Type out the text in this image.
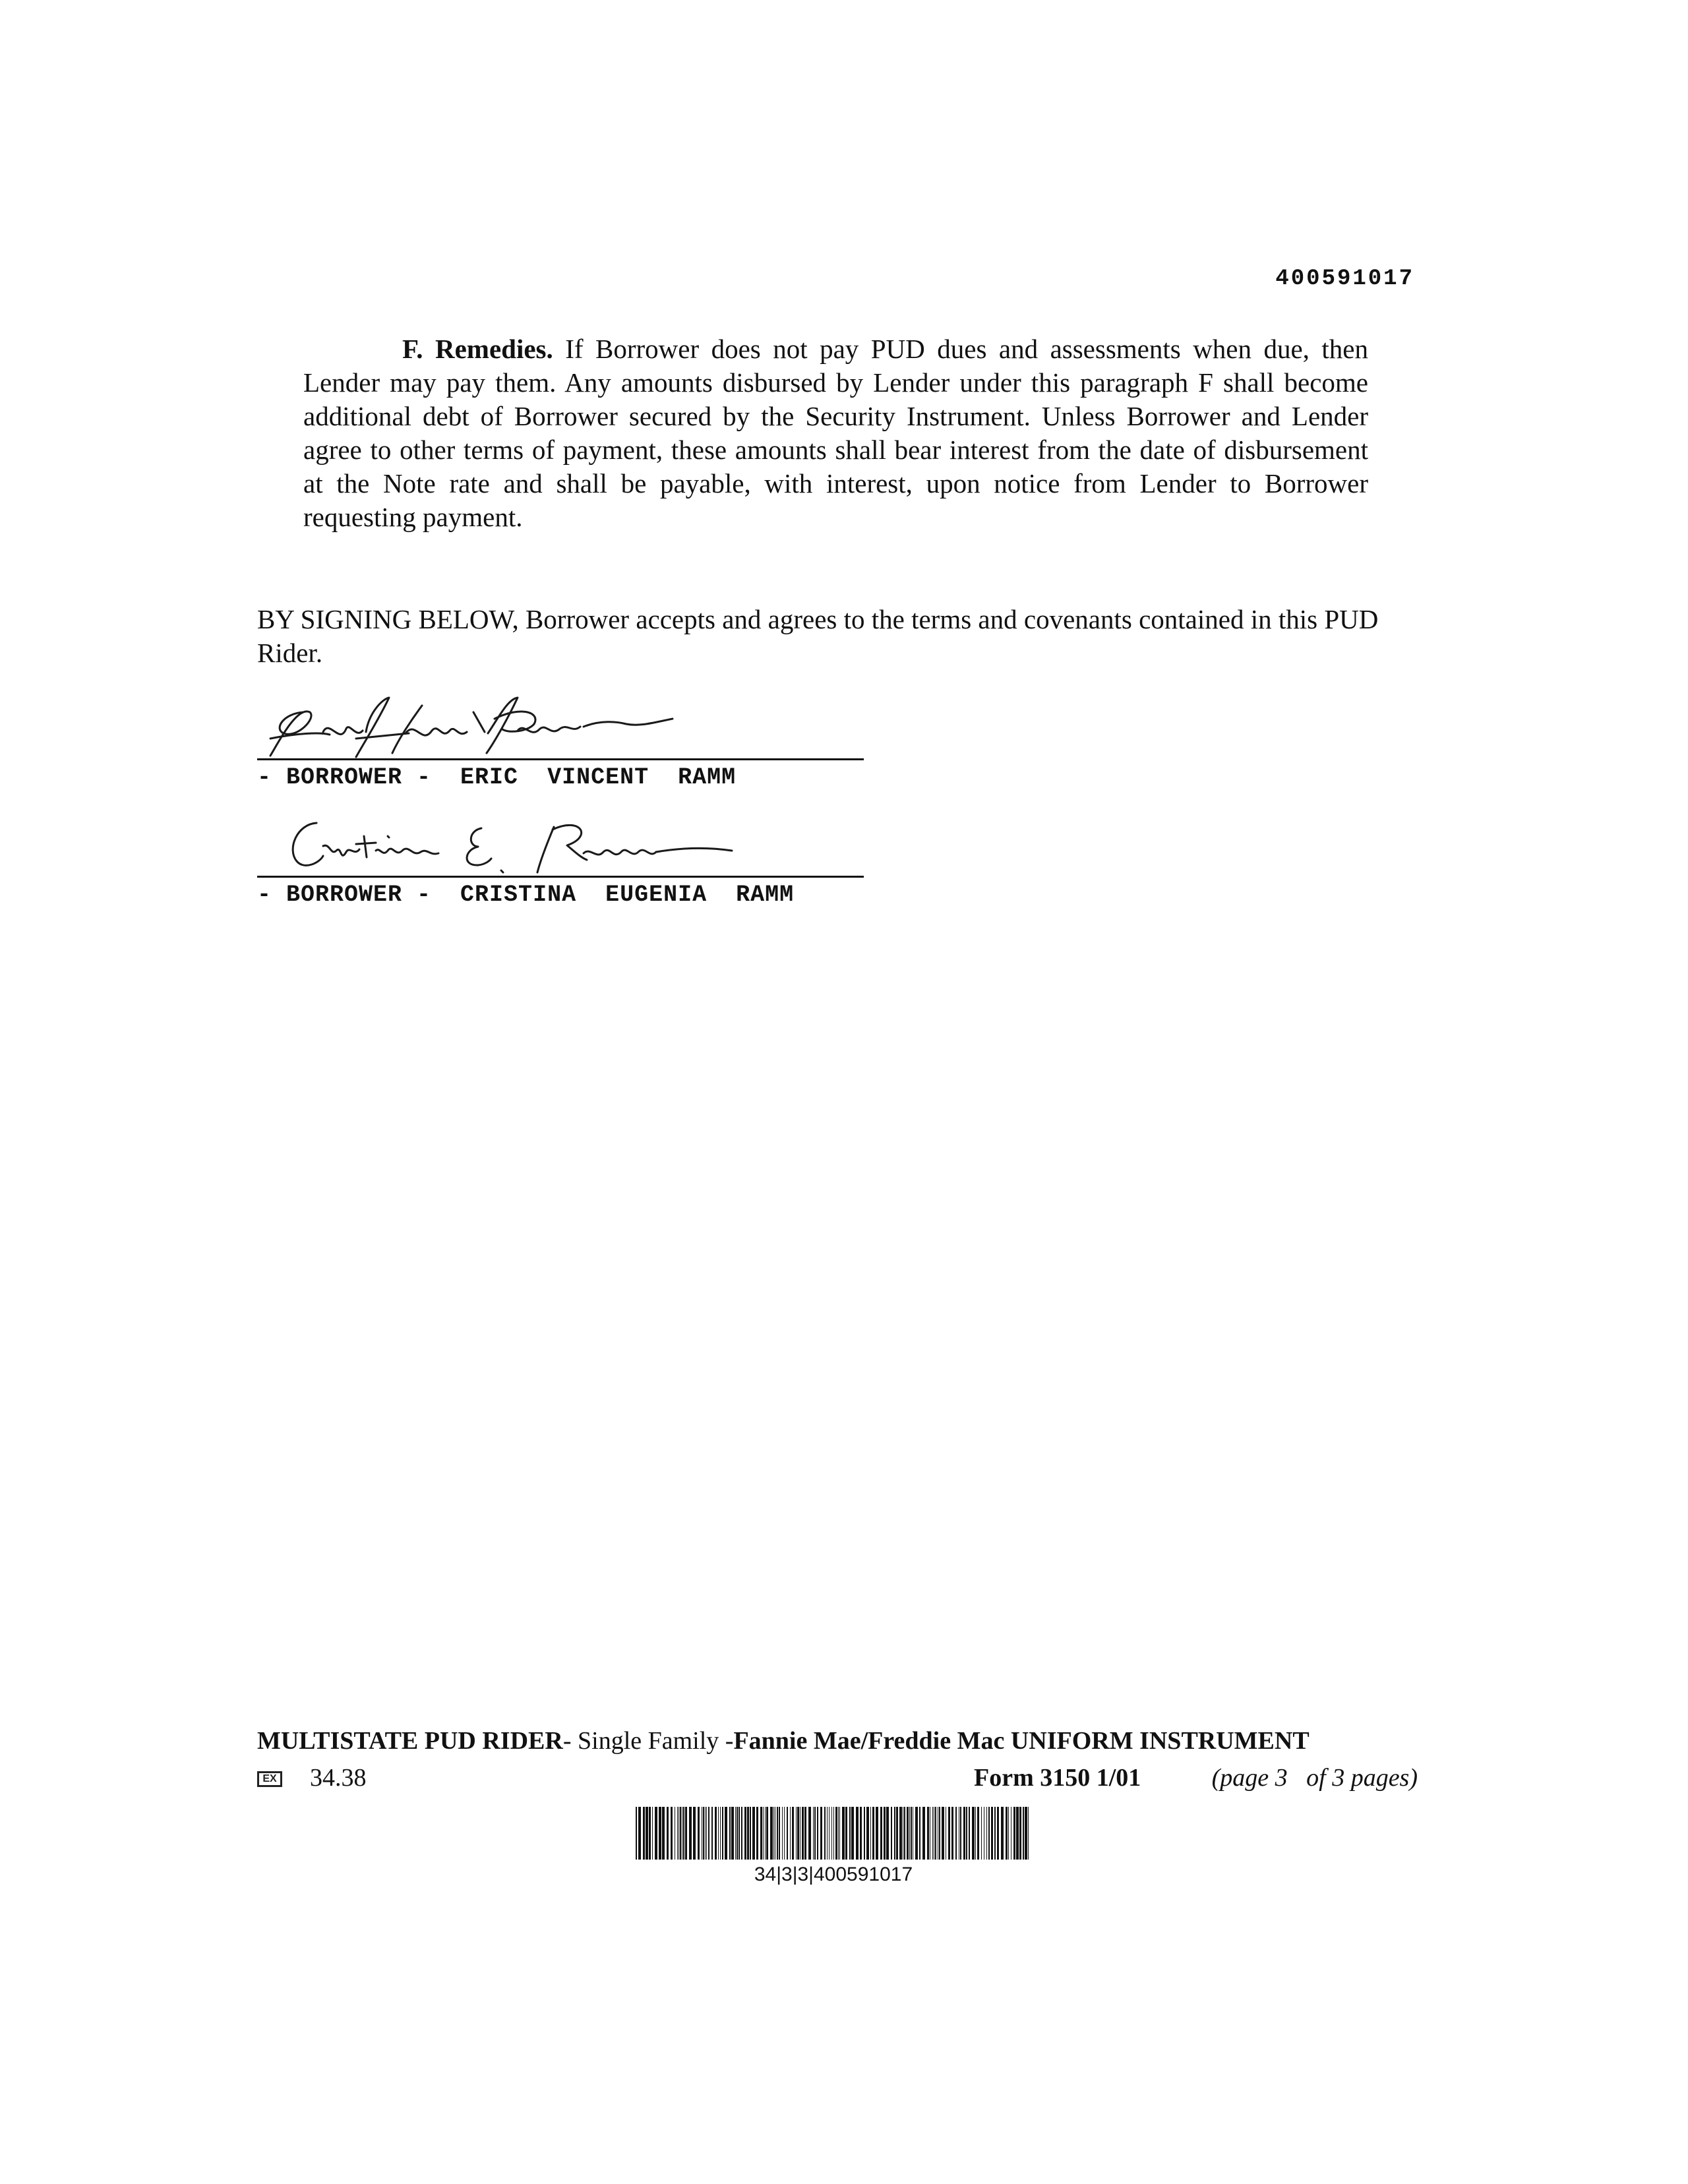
400591017
F. Remedies. If Borrower does not pay PUD dues and assessments when due, then Lender may pay them. Any amounts disbursed by Lender under this paragraph F shall become additional debt of Borrower secured by the Security Instrument. Unless Borrower and Lender agree to other terms of payment, these amounts shall bear interest from the date of disbursement at the Note rate and shall be payable, with interest, upon notice from Lender to Borrower requesting payment.
BY SIGNING BELOW, Borrower accepts and agrees to the terms and covenants contained in this PUD Rider.
- BORROWER -  ERIC  VINCENT  RAMM
- BORROWER -  CRISTINA  EUGENIA  RAMM
MULTISTATE PUD RIDER- Single Family -Fannie Mae/Freddie Mac UNIFORM INSTRUMENT
EX 34.38	Form 3150 1/01	(page 3   of 3 pages)
34|3|3|400591017
